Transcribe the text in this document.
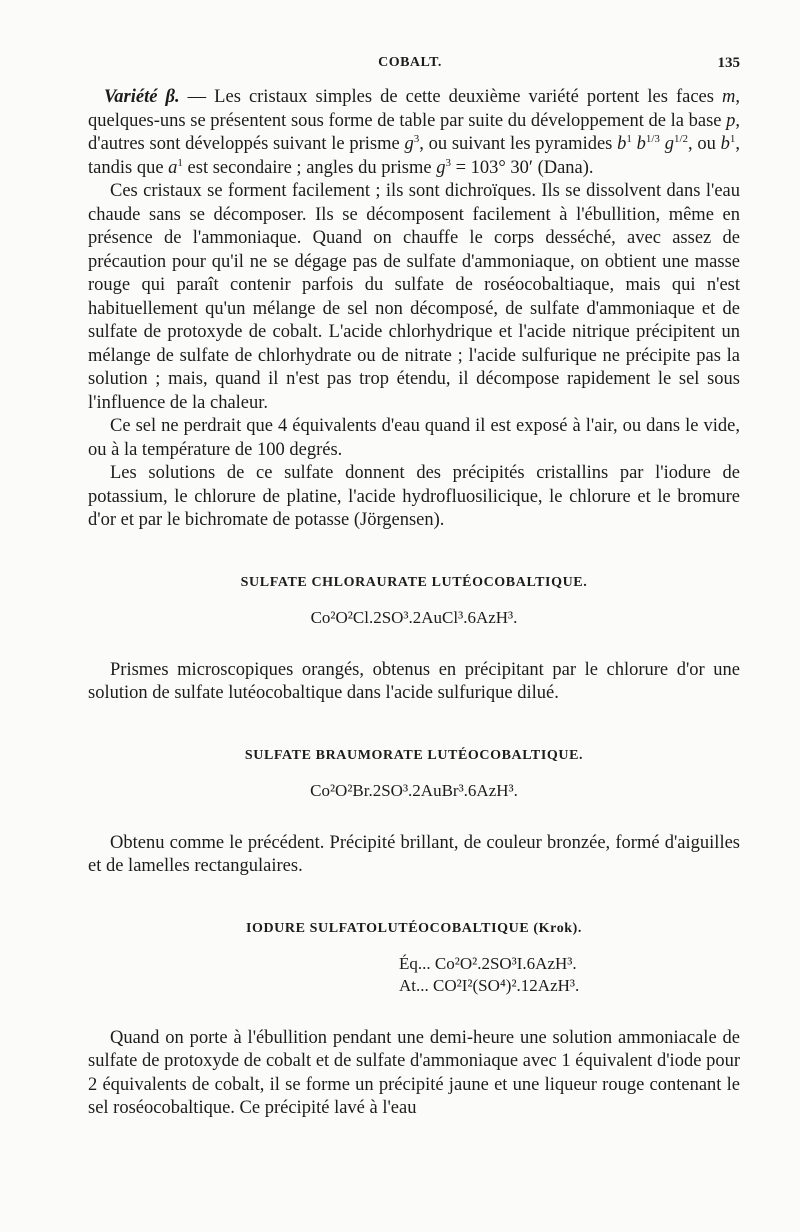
COBALT.	135

Variété β. — Les cristaux simples de cette deuxième variété portent les faces m, quelques-uns se présentent sous forme de table par suite du développement de la base p, d'autres sont développés suivant le prisme $g^3$, ou suivant les pyramides $b^1$ $b^{1/3}$ $g^{1/2}$, ou $b^1$, tandis que $a^1$ est secondaire ; angles du prisme $g^3 = 103^\circ$ 30′ (Dana).

Ces cristaux se forment facilement ; ils sont dichroïques. Ils se dissolvent dans l'eau chaude sans se décomposer. Ils se décomposent facilement à l'ébullition, même en présence de l'ammoniaque. Quand on chauffe le corps desséché, avec assez de précaution pour qu'il ne se dégage pas de sulfate d'ammoniaque, on obtient une masse rouge qui paraît contenir parfois du sulfate de roséocobaltiaque, mais qui n'est habituellement qu'un mélange de sel non décomposé, de sulfate d'ammoniaque et de sulfate de protoxyde de cobalt. L'acide chlorhydrique et l'acide nitrique précipitent un mélange de sulfate de chlorhydrate ou de nitrate ; l'acide sulfurique ne précipite pas la solution ; mais, quand il n'est pas trop étendu, il décompose rapidement le sel sous l'influence de la chaleur.

Ce sel ne perdrait que 4 équivalents d'eau quand il est exposé à l'air, ou dans le vide, ou à la température de 100 degrés.

Les solutions de ce sulfate donnent des précipités cristallins par l'iodure de potassium, le chlorure de platine, l'acide hydrofluosilicique, le chlorure et le bromure d'or et par le bichromate de potasse (Jörgensen).

SULFATE CHLORAURATE LUTÉOCOBALTIQUE.
Co²O²Cl.2SO³.2AuCl³.6AzH³.

Prismes microscopiques orangés, obtenus en précipitant par le chlorure d'or une solution de sulfate lutéocobaltique dans l'acide sulfurique dilué.

SULFATE BRAUMORATE LUTÉOCOBALTIQUE.
Co²O²Br.2SO³.2AuBr³.6AzH³.

Obtenu comme le précédent. Précipité brillant, de couleur bronzée, formé d'aiguilles et de lamelles rectangulaires.

IODURE SULFATOLUTÉOCOBALTIQUE (Krok).
Éq... Co²O².2SO³I.6AzH³.
At... CO²I²(SO⁴)².12AzH³.

Quand on porte à l'ébullition pendant une demi-heure une solution ammoniacale de sulfate de protoxyde de cobalt et de sulfate d'ammoniaque avec 1 équivalent d'iode pour 2 équivalents de cobalt, il se forme un précipité jaune et une liqueur rouge contenant le sel roséocobaltique. Ce précipité lavé à l'eau
